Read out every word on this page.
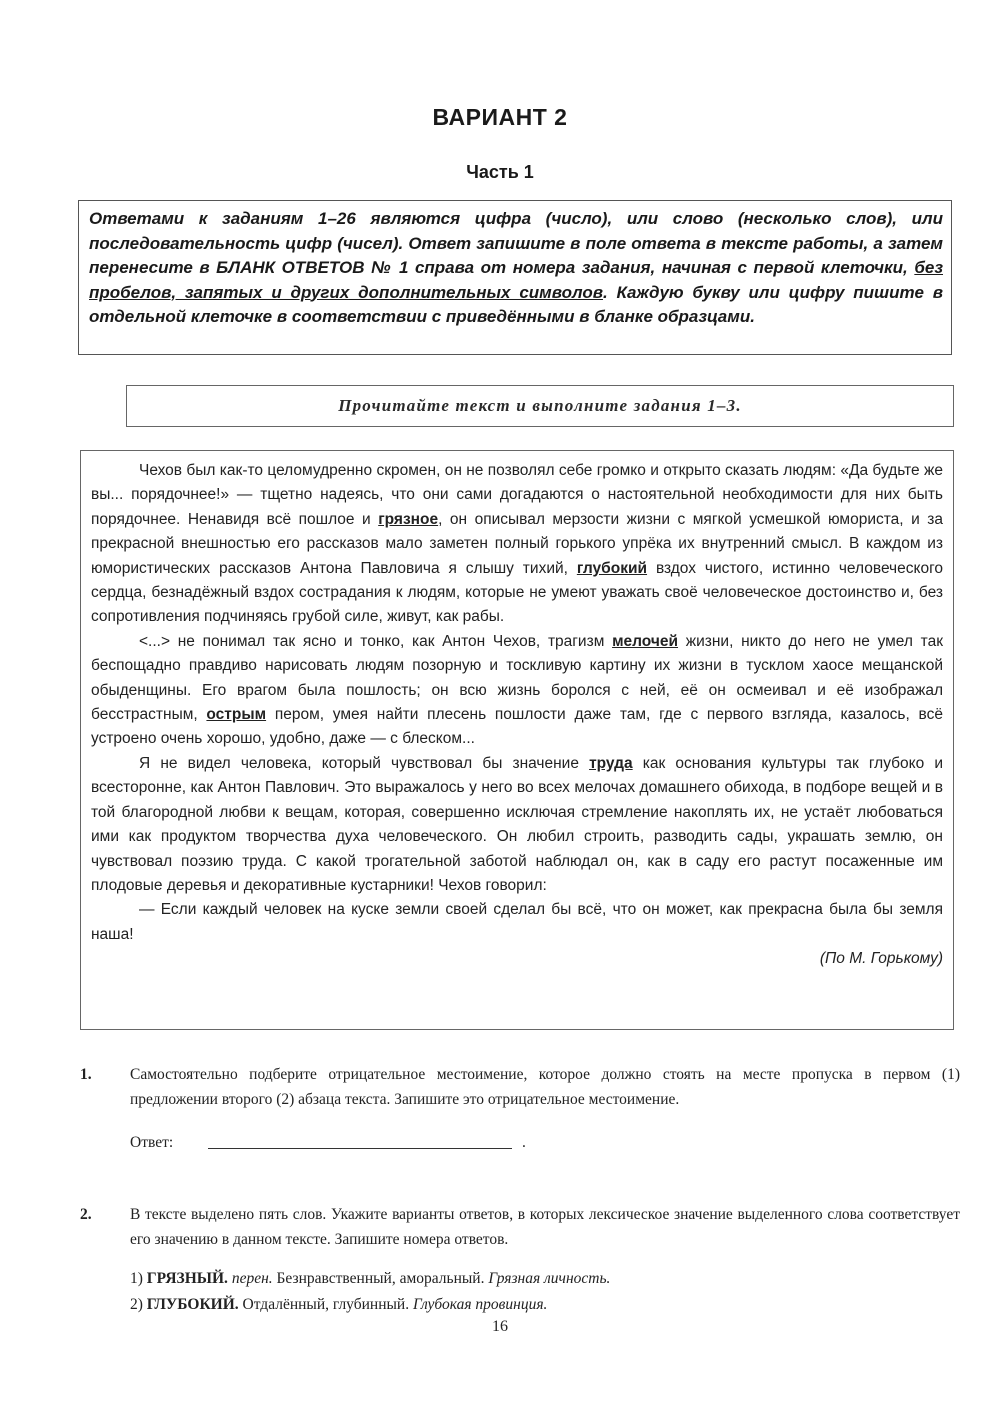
ВАРИАНТ 2
Часть 1
Ответами к заданиям 1–26 являются цифра (число), или слово (несколько слов), или последовательность цифр (чисел). Ответ запишите в поле ответа в тексте работы, а затем перенесите в БЛАНК ОТВЕТОВ № 1 справа от номера задания, начиная с первой клеточки, без пробелов, запятых и других дополнительных символов. Каждую букву или цифру пишите в отдельной клеточке в соответствии с приведёнными в бланке образцами.
Прочитайте текст и выполните задания 1–3.

Чехов был как-то целомудренно скромен, он не позволял себе громко и открыто сказать людям: «Да будьте же вы... порядочнее!» — тщетно надеясь, что они сами догадаются о настоятельной необходимости для них быть порядочнее. Ненавидя всё пошлое и грязное, он описывал мерзости жизни с мягкой усмешкой юмориста, и за прекрасной внешностью его рассказов мало заметен полный горького упрёка их внутренний смысл. В каждом из юмористических рассказов Антона Павловича я слышу тихий, глубокий вздох чистого, истинно человеческого сердца, безнадёжный вздох сострадания к людям, которые не умеют уважать своё человеческое достоинство и, без сопротивления подчиняясь грубой силе, живут, как рабы.

<...> не понимал так ясно и тонко, как Антон Чехов, трагизм мелочей жизни, никто до него не умел так беспощадно правдиво нарисовать людям позорную и тоскливую картину их жизни в тусклом хаосе мещанской обыденщины. Его врагом была пошлость; он всю жизнь боролся с ней, её он осмеивал и её изображал бесстрастным, острым пером, умея найти плесень пошлости даже там, где с первого взгляда, казалось, всё устроено очень хорошо, удобно, даже — с блеском...

Я не видел человека, который чувствовал бы значение труда как основания культуры так глубоко и всесторонне, как Антон Павлович. Это выражалось у него во всех мелочах домашнего обихода, в подборе вещей и в той благородной любви к вещам, которая, совершенно исключая стремление накоплять их, не устаёт любоваться ими как продуктом творчества духа человеческого. Он любил строить, разводить сады, украшать землю, он чувствовал поэзию труда. С какой трогательной заботой наблюдал он, как в саду его растут посаженные им плодовые деревья и декоративные кустарники! Чехов говорил:

— Если каждый человек на куске земли своей сделал бы всё, что он может, как прекрасна была бы земля наша!

(По М. Горькому)

1.	Самостоятельно подберите отрицательное местоимение, которое должно стоять на месте пропуска в первом (1) предложении второго (2) абзаца текста. Запишите это отрицательное местоимение.
Ответ:	.
2.	В тексте выделено пять слов. Укажите варианты ответов, в которых лексическое значение выделенного слова соответствует его значению в данном тексте. Запишите номера ответов.

1) ГРЯЗНЫЙ. перен. Безнравственный, аморальный. Грязная личность.

2) ГЛУБОКИЙ. Отдалённый, глубинный. Глубокая провинция.

16
